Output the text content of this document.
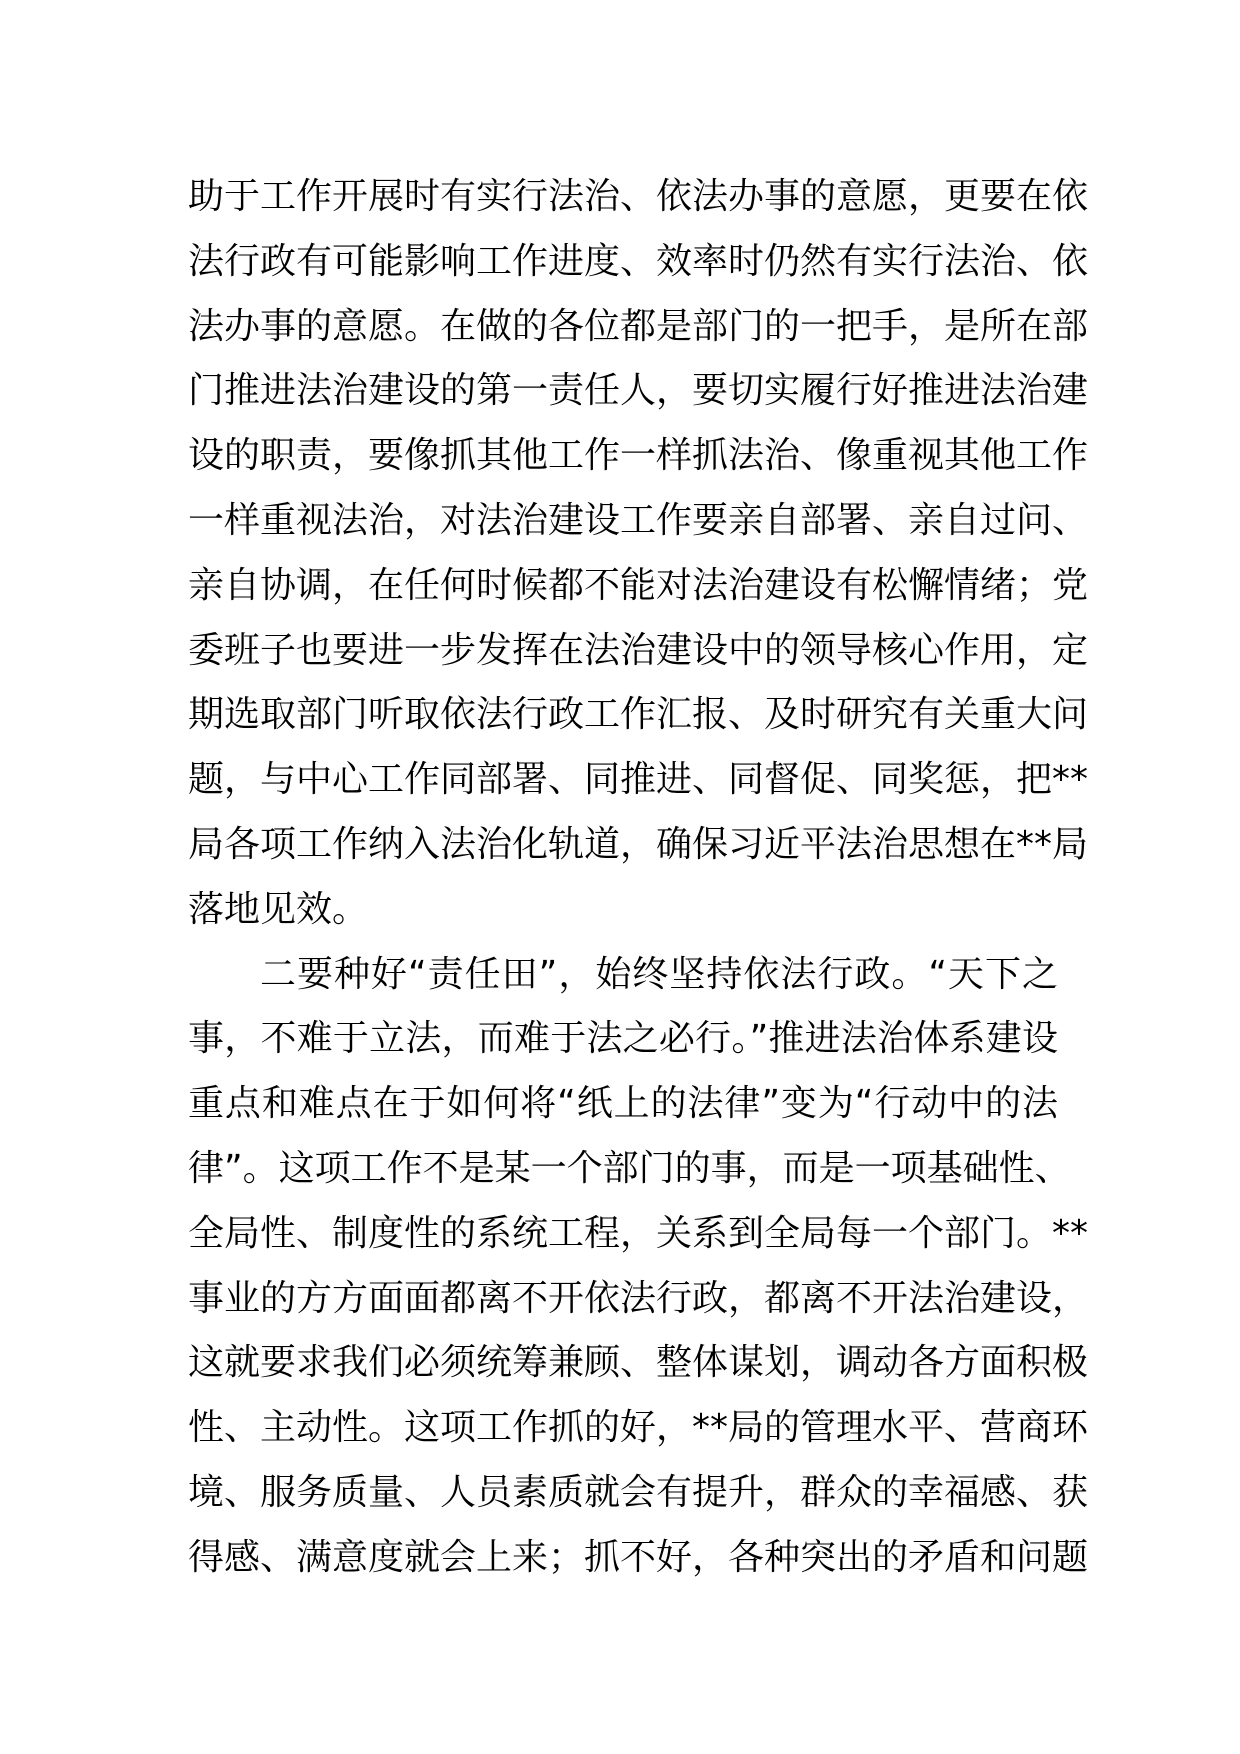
助于工作开展时有实行法治、依法办事的意愿，更要在依
法行政有可能影响工作进度、效率时仍然有实行法治、依
法办事的意愿。在做的各位都是部门的一把手，是所在部
门推进法治建设的第一责任人，要切实履行好推进法治建
设的职责，要像抓其他工作一样抓法治、像重视其他工作
一样重视法治，对法治建设工作要亲自部署、亲自过问、
亲自协调，在任何时候都不能对法治建设有松懈情绪；党
委班子也要进一步发挥在法治建设中的领导核心作用，定
期选取部门听取依法行政工作汇报、及时研究有关重大问
题，与中心工作同部署、同推进、同督促、同奖惩，把**
局各项工作纳入法治化轨道，确保习近平法治思想在**局
落地见效。
二要种好“责任田”，始终坚持依法行政。“天下之
事，不难于立法，而难于法之必行。”推进法治体系建设
重点和难点在于如何将“纸上的法律”变为“行动中的法
律”。这项工作不是某一个部门的事，而是一项基础性、
全局性、制度性的系统工程，关系到全局每一个部门。**
事业的方方面面都离不开依法行政，都离不开法治建设，
这就要求我们必须统筹兼顾、整体谋划，调动各方面积极
性、主动性。这项工作抓的好，**局的管理水平、营商环
境、服务质量、人员素质就会有提升，群众的幸福感、获
得感、满意度就会上来；抓不好，各种突出的矛盾和问题
